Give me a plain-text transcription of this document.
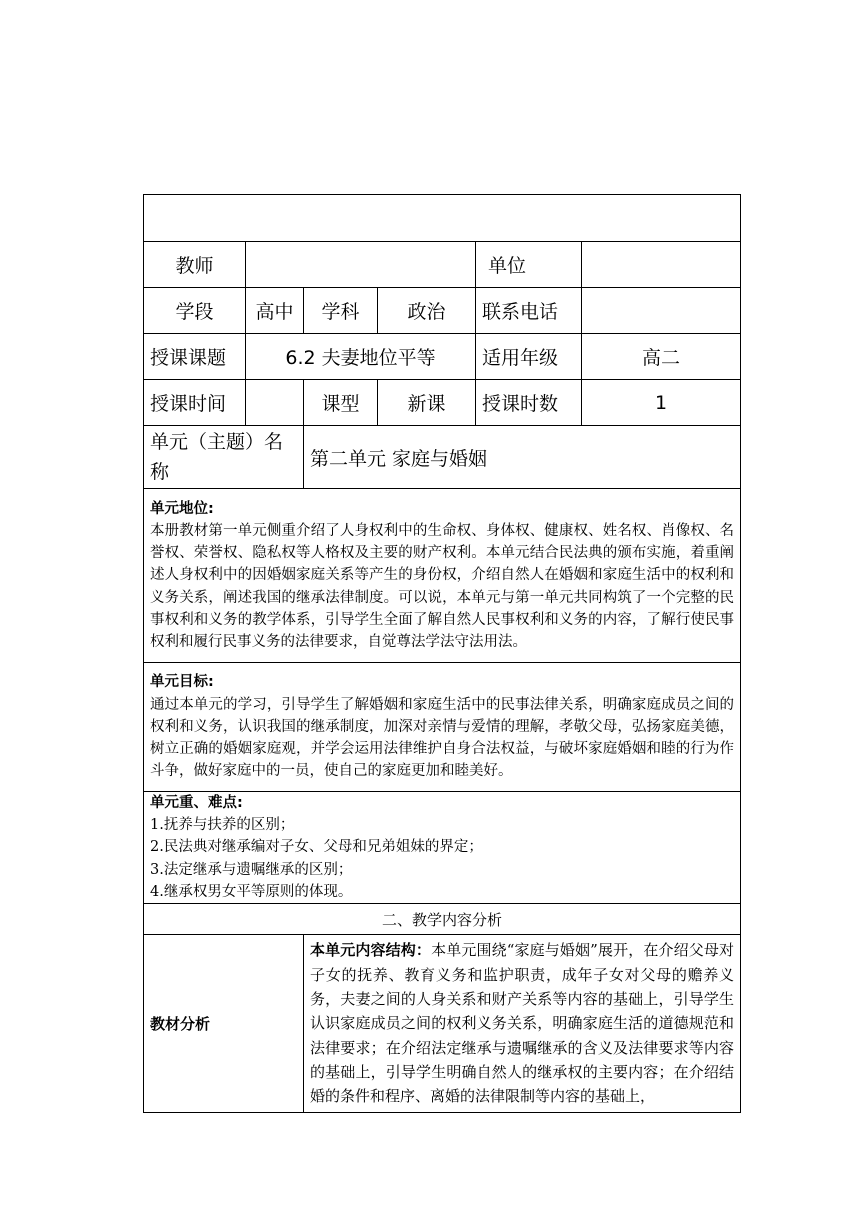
教师				单位	
学段	高中	学科	政治	联系电话	
授课课题	6.2 夫妻地位平等			适用年级	高二
授课时间		课型	新课	授课时数	1
单元（主题）名称		第二单元 家庭与婚姻			

单元地位:
本册教材第一单元侧重介绍了人身权利中的生命权、身体权、健康权、姓名权、肖像权、名誉权、荣誉权、隐私权等人格权及主要的财产权利。本单元结合民法典的颁布实施，着重阐述人身权利中的因婚姻家庭关系等产生的身份权，介绍自然人在婚姻和家庭生活中的权利和义务关系，阐述我国的继承法律制度。可以说，本单元与第一单元共同构筑了一个完整的民事权利和义务的教学体系，引导学生全面了解自然人民事权利和义务的内容，了解行使民事权利和履行民事义务的法律要求，自觉尊法学法守法用法。					

单元目标:
通过本单元的学习，引导学生了解婚姻和家庭生活中的民事法律关系，明确家庭成员之间的权利和义务，认识我国的继承制度，加深对亲情与爱情的理解，孝敬父母，弘扬家庭美德，树立正确的婚姻家庭观，并学会运用法律维护自身合法权益，与破坏家庭婚姻和睦的行为作斗争，做好家庭中的一员，使自己的家庭更加和睦美好。					

单元重、难点:
1.抚养与扶养的区别；
2.民法典对继承编对子女、父母和兄弟姐妹的界定；
3.法定继承与遗嘱继承的区别；
4.继承权男女平等原则的体现。					

二、教学内容分析					
教材分析		本单元内容结构：本单元围绕“家庭与婚姻”展开，在介绍父母对子女的抚养、教育义务和监护职责，成年子女对父母的赡养义务，夫妻之间的人身关系和财产关系等内容的基础上，引导学生认识家庭成员之间的权利义务关系，明确家庭生活的道德规范和法律要求；在介绍法定继承与遗嘱继承的含义及法律要求等内容的基础上，引导学生明确自然人的继承权的主要内容；在介绍结婚的条件和程序、离婚的法律限制等内容的基础上，			
